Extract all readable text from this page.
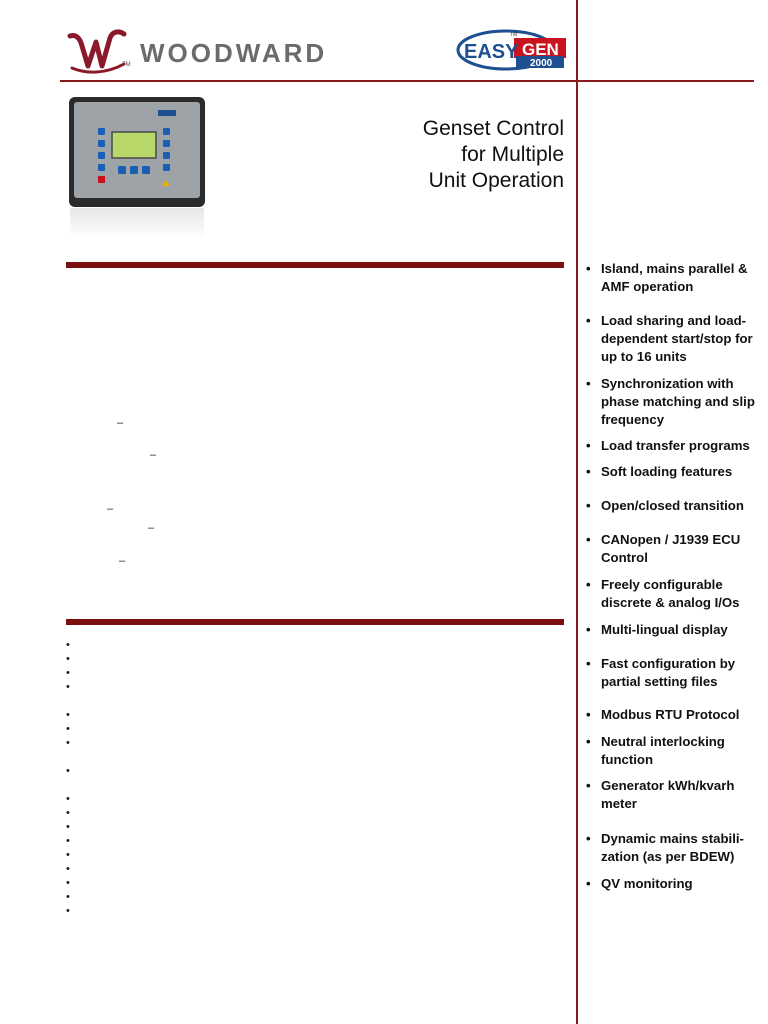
TM WOODWARD	EASY GEN
2000
TM
Genset Control
for Multiple
Unit Operation
–
–
–
–
–
•
•
•
•
•
•
•
•
•
•
•
•
•
•
•
•
•
• Island, mains parallel &
AMF operation
• Load sharing and load-
dependent start/stop for
up to 16 units
• Synchronization with
phase matching and slip
frequency
• Load transfer programs
• Soft loading features
• Open/closed transition
• CANopen / J1939 ECU
Control
• Freely configurable
discrete & analog I/Os
• Multi-lingual display
• Fast configuration by
partial setting files
• Modbus RTU Protocol
• Neutral interlocking
function
• Generator kWh/kvarh
meter
• Dynamic mains stabili-
zation (as per BDEW)
• QV monitoring
